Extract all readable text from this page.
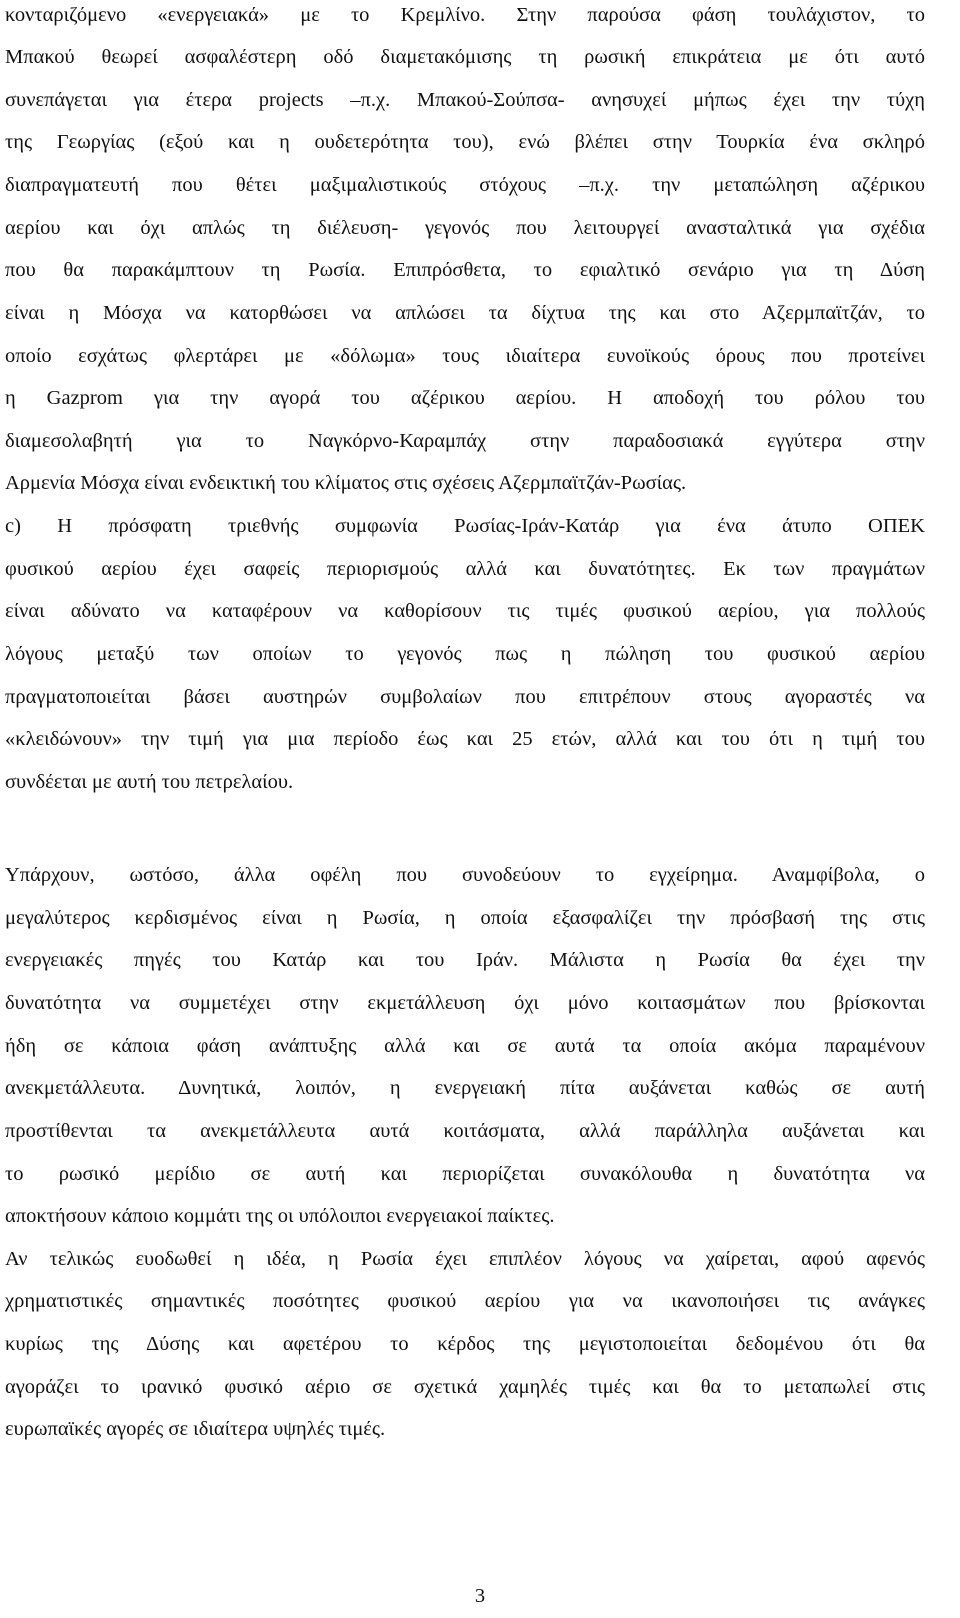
κονταριζόμενο «ενεργειακά» με το Κρεμλίνο. Στην παρούσα φάση τουλάχιστον, το
Μπακού θεωρεί ασφαλέστερη οδό διαμετακόμισης τη ρωσική επικράτεια με ότι αυτό
συνεπάγεται για έτερα projects –π.χ. Μπακού-Σούπσα- ανησυχεί μήπως έχει την τύχη
της Γεωργίας (εξού και η ουδετερότητα του), ενώ βλέπει στην Τουρκία ένα σκληρό
διαπραγματευτή που θέτει μαξιμαλιστικούς στόχους –π.χ. την μεταπώληση αζέρικου
αερίου και όχι απλώς τη διέλευση- γεγονός που λειτουργεί ανασταλτικά για σχέδια
που θα παρακάμπτουν τη Ρωσία. Επιπρόσθετα, το εφιαλτικό σενάριο για τη Δύση
είναι η Μόσχα να κατορθώσει να απλώσει τα δίχτυα της και στο Αζερμπαϊτζάν, το
οποίο εσχάτως φλερτάρει με «δόλωμα» τους ιδιαίτερα ευνοϊκούς όρους που προτείνει
η Gazprom για την αγορά του αζέρικου αερίου. Η αποδοχή του ρόλου του
διαμεσολαβητή για το Ναγκόρνο-Καραμπάχ στην παραδοσιακά εγγύτερα στην
Αρμενία Μόσχα είναι ενδεικτική του κλίματος στις σχέσεις Αζερμπαϊτζάν-Ρωσίας.
c) Η πρόσφατη τριεθνής συμφωνία Ρωσίας-Ιράν-Κατάρ για ένα άτυπο ΟΠΕΚ
φυσικού αερίου έχει σαφείς περιορισμούς αλλά και δυνατότητες. Εκ των πραγμάτων
είναι αδύνατο να καταφέρουν να καθορίσουν τις τιμές φυσικού αερίου, για πολλούς
λόγους μεταξύ των οποίων το γεγονός πως η πώληση του φυσικού αερίου
πραγματοποιείται βάσει αυστηρών συμβολαίων που επιτρέπουν στους αγοραστές να
«κλειδώνουν» την τιμή για μια περίοδο έως και 25 ετών, αλλά και του ότι η τιμή του
συνδέεται με αυτή του πετρελαίου.
Υπάρχουν, ωστόσο, άλλα οφέλη που συνοδεύουν το εγχείρημα. Αναμφίβολα, ο
μεγαλύτερος κερδισμένος είναι η Ρωσία, η οποία εξασφαλίζει την πρόσβασή της στις
ενεργειακές πηγές του Κατάρ και του Ιράν. Μάλιστα η Ρωσία θα έχει την
δυνατότητα να συμμετέχει στην εκμετάλλευση όχι μόνο κοιτασμάτων που βρίσκονται
ήδη σε κάποια φάση ανάπτυξης αλλά και σε αυτά τα οποία ακόμα παραμένουν
ανεκμετάλλευτα. Δυνητικά, λοιπόν, η ενεργειακή πίτα αυξάνεται καθώς σε αυτή
προστίθενται τα ανεκμετάλλευτα αυτά κοιτάσματα, αλλά παράλληλα αυξάνεται και
το ρωσικό μερίδιο σε αυτή και περιορίζεται συνακόλουθα η δυνατότητα να
αποκτήσουν κάποιο κομμάτι της οι υπόλοιποι ενεργειακοί παίκτες.
Αν τελικώς ευοδωθεί η ιδέα, η Ρωσία έχει επιπλέον λόγους να χαίρεται, αφού αφενός
χρηματιστικές σημαντικές ποσότητες φυσικού αερίου για να ικανοποιήσει τις ανάγκες
κυρίως της Δύσης και αφετέρου το κέρδος της μεγιστοποιείται δεδομένου ότι θα
αγοράζει το ιρανικό φυσικό αέριο σε σχετικά χαμηλές τιμές και θα το μεταπωλεί στις
ευρωπαϊκές αγορές σε ιδιαίτερα υψηλές τιμές.
3
